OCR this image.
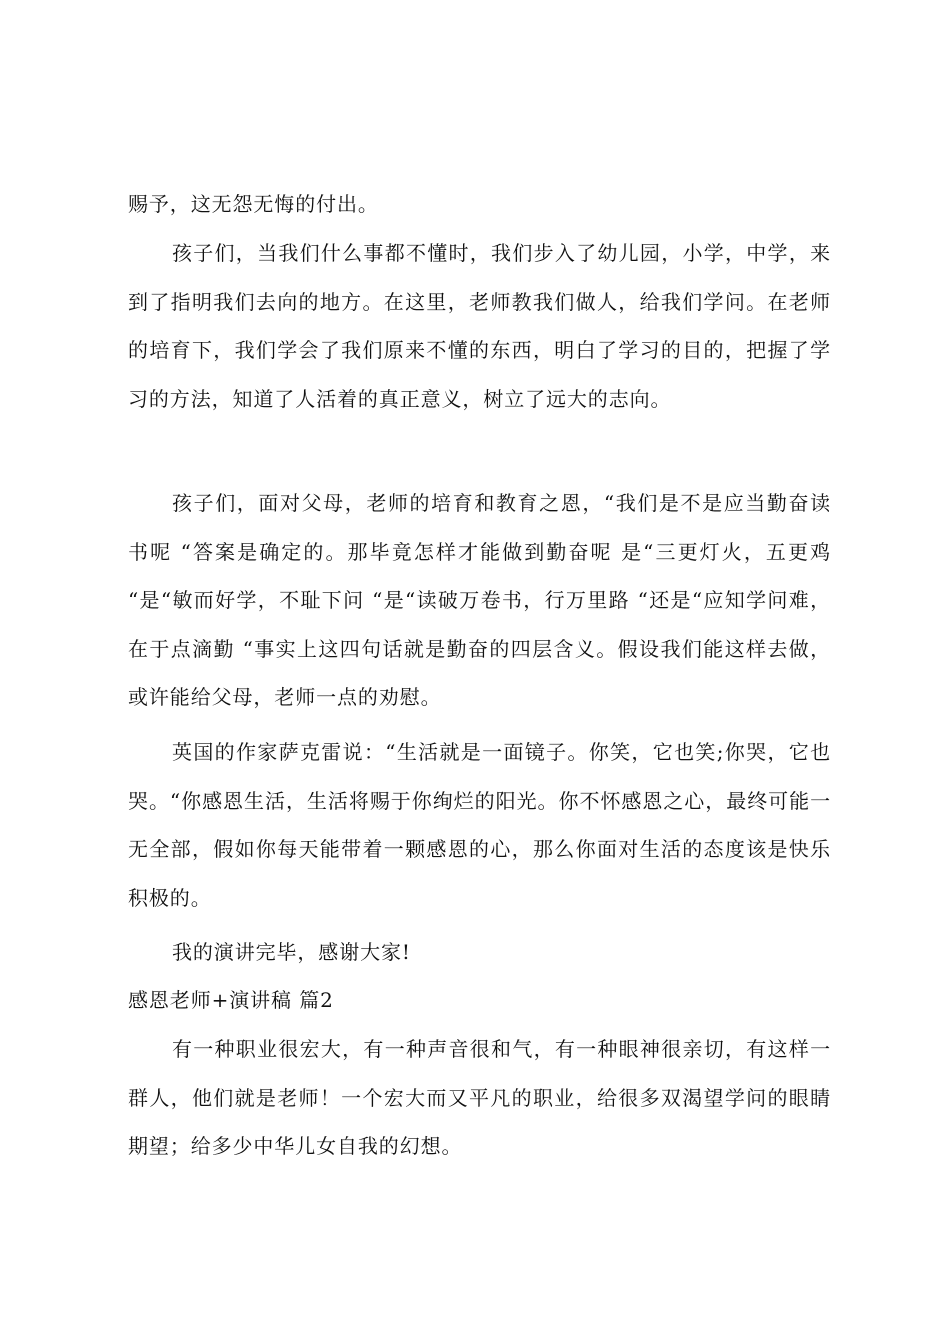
赐予，这无怨无悔的付出。

孩子们，当我们什么事都不懂时，我们步入了幼儿园，小学，中学，来到了指明我们去向的地方。在这里，老师教我们做人，给我们学问。在老师的培育下，我们学会了我们原来不懂的东西，明白了学习的目的，把握了学习的方法，知道了人活着的真正意义，树立了远大的志向。

孩子们，面对父母，老师的培育和教育之恩，“我们是不是应当勤奋读书呢 “答案是确定的。那毕竟怎样才能做到勤奋呢 是“三更灯火，五更鸡 “是“敏而好学，不耻下问 “是“读破万卷书，行万里路 “还是“应知学问难，在于点滴勤 “事实上这四句话就是勤奋的四层含义。假设我们能这样去做，或许能给父母，老师一点的劝慰。

英国的作家萨克雷说：“生活就是一面镜子。你笑，它也笑;你哭，它也哭。“你感恩生活，生活将赐于你绚烂的阳光。你不怀感恩之心，最终可能一无全部，假如你每天能带着一颗感恩的心，那么你面对生活的态度该是快乐积极的。

我的演讲完毕，感谢大家!

感恩老师+演讲稿 篇2

有一种职业很宏大，有一种声音很和气，有一种眼神很亲切，有这样一群人，他们就是老师！一个宏大而又平凡的职业，给很多双渴望学问的眼睛期望；给多少中华儿女自我的幻想。
